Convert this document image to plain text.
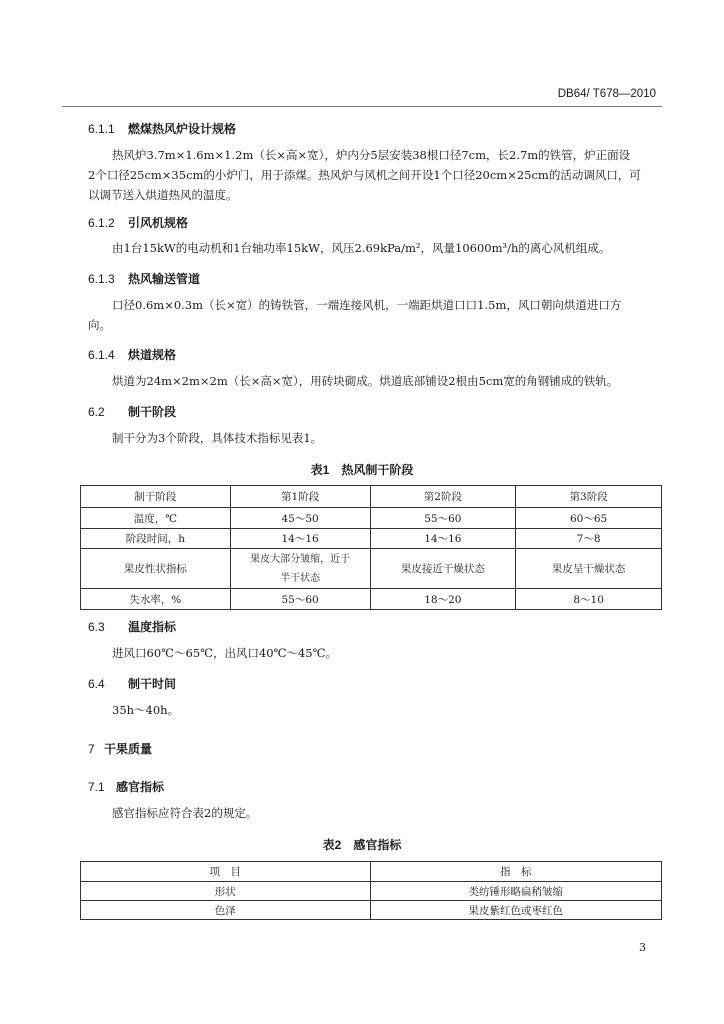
DB64/ T678—2010
6.1.1 燃煤热风炉设计规格
热风炉3.7m×1.6m×1.2m（长×高×宽），炉内分5层安装38根口径7cm，长2.7m的铁管，炉正面设
2个口径25cm×35cm的小炉门，用于添煤。热风炉与风机之间开设1个口径20cm×25cm的活动调风口，可
以调节送入烘道热风的温度。
6.1.2 引风机规格
由1台15kW的电动机和1台轴功率15kW，风压2.69kPa/m²，风量10600m³/h的离心风机组成。
6.1.3 热风输送管道
口径0.6m×0.3m（长×宽）的铸铁管，一端连接风机，一端距烘道口口1.5m，风口朝向烘道进口方
向。
6.1.4 烘道规格
烘道为24m×2m×2m（长×高×宽），用砖块砌成。烘道底部铺设2根由5cm宽的角钢铺成的铁轨。
6.2 制干阶段
制干分为3个阶段，具体技术指标见表1。
表1　热风制干阶段
制干阶段	第1阶段	第2阶段	第3阶段
温度，℃	45～50	55～60	60～65
阶段时间，h	14～16	14～16	7～8
果皮性状指标	果皮大部分皱缩，近于
半干状态	果皮接近干燥状态	果皮呈干燥状态
失水率，%	55～60	18～20	8～10
6.3 温度指标
进风口60℃～65℃，出风口40℃～45℃。
6.4 制干时间
35h～40h。
7 干果质量
7.1 感官指标
感官指标应符合表2的规定。
表2　感官指标
项　目	指　标
形状	类纺锤形略扁稍皱缩
色泽	果皮紫红色或枣红色
3
